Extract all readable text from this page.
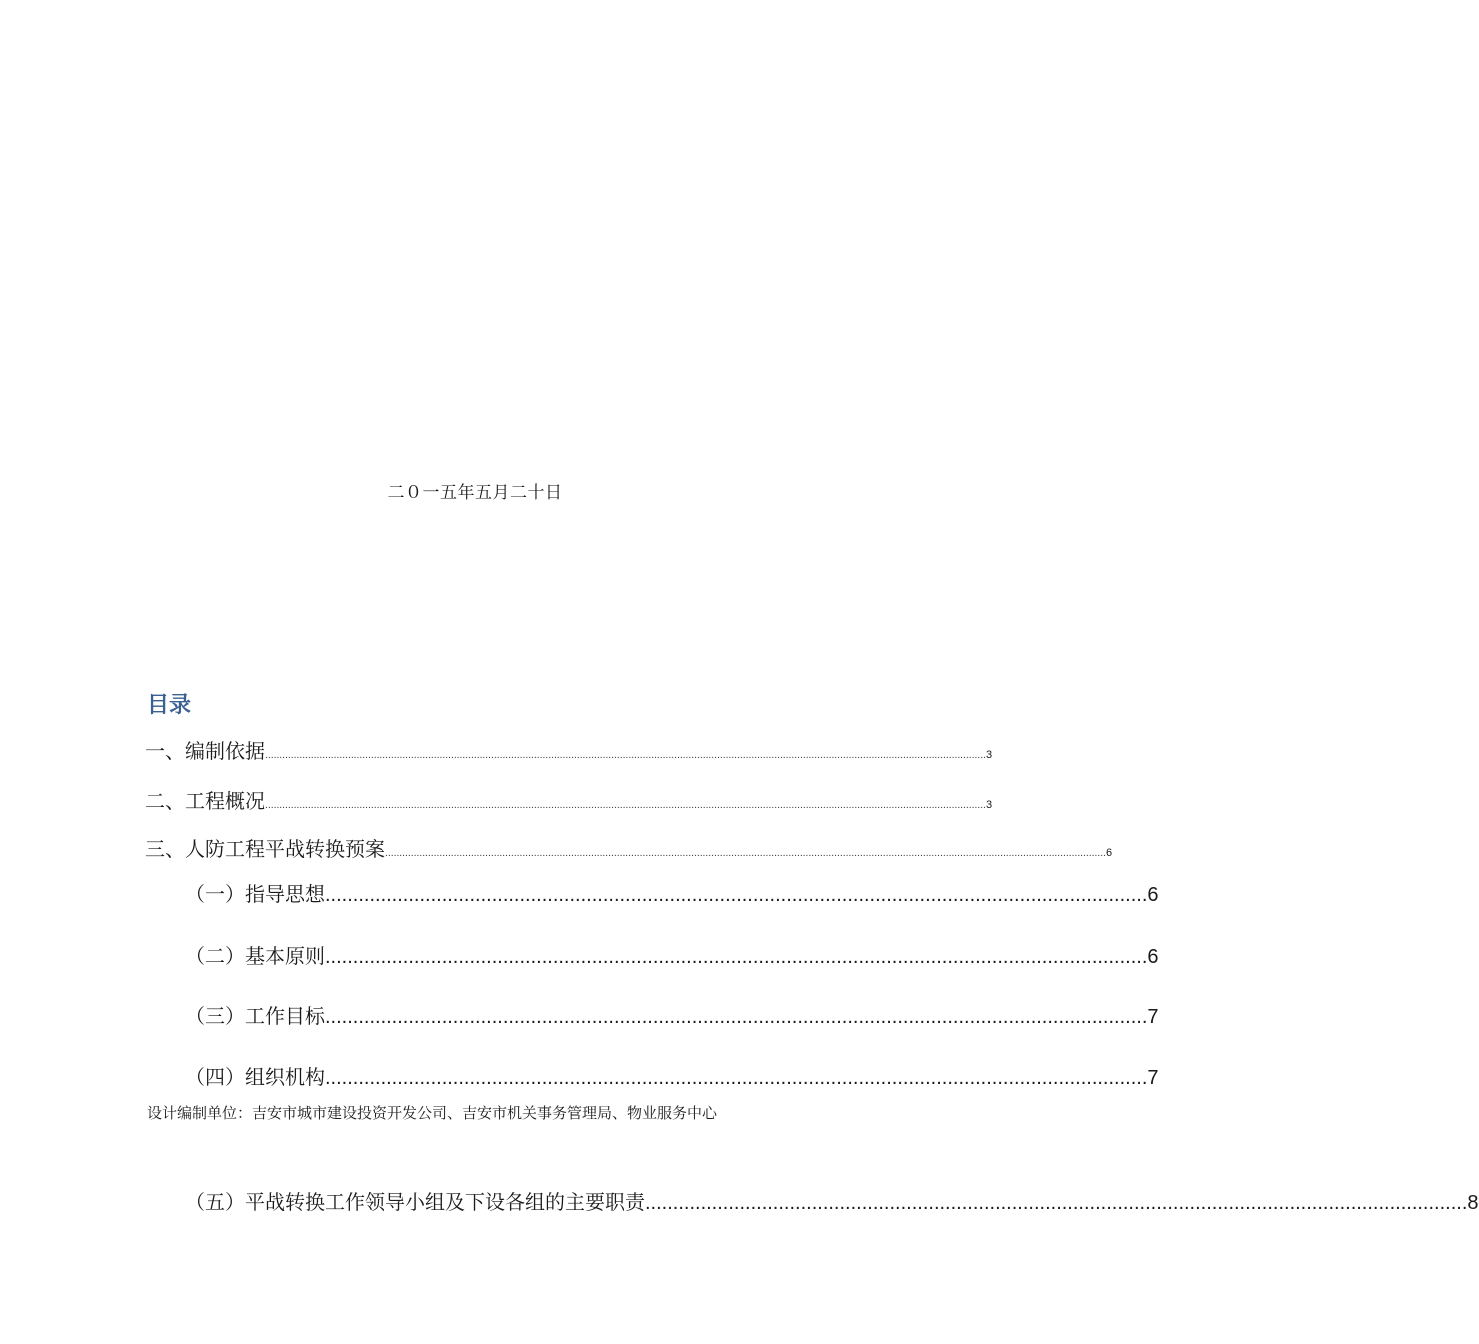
二０一五年五月二十日
目录
一、编制依据 ............................................................................................................................................................................................................................................................ 3
二、工程概况 ............................................................................................................................................................................................................................................................ 3
三、人防工程平战转换预案 ............................................................................................................................................................................................................................................................ 6
（一）指导思想 .................................................................................................................................................... 6
（二）基本原则 .................................................................................................................................................... 6
（三）工作目标 .................................................................................................................................................... 7
（四）组织机构 .................................................................................................................................................... 7
设计编制单位：吉安市城市建设投资开发公司、吉安市机关事务管理局、物业服务中心
（五）平战转换工作领导小组及下设各组的主要职责 .................................................................................................................................................... 8
